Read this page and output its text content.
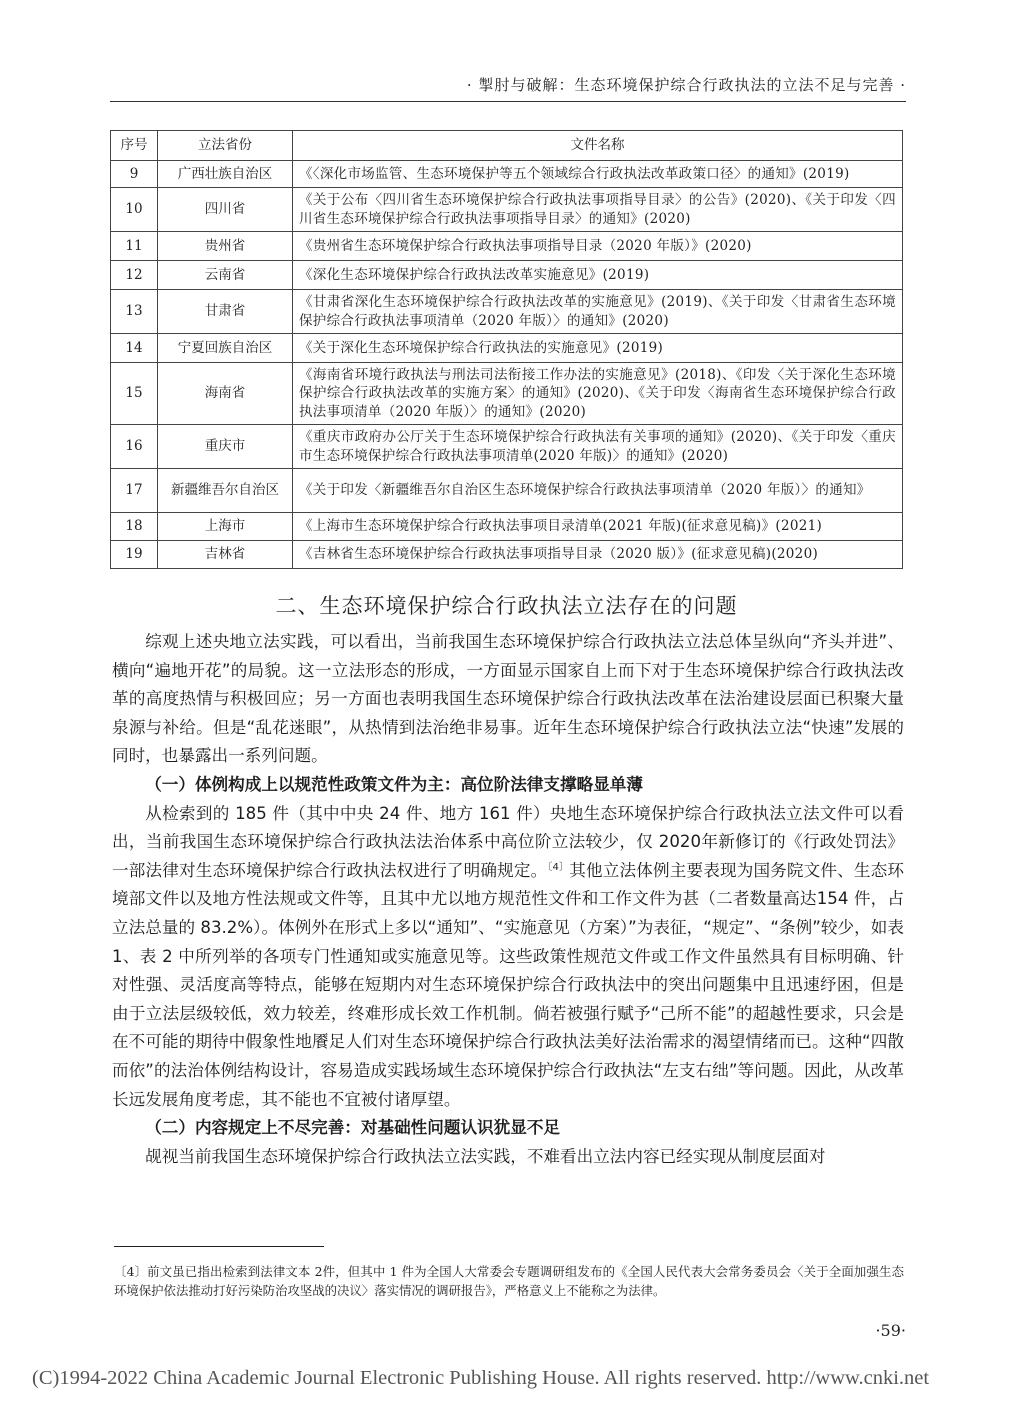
· 掣肘与破解：生态环境保护综合行政执法的立法不足与完善 ·
序号	立法省份	文件名称
9	广西壮族自治区	《〈深化市场监管、生态环境保护等五个领域综合行政执法改革政策口径〉的通知》(2019)
10	四川省	《关于公布〈四川省生态环境保护综合行政执法事项指导目录〉的公告》(2020)、《关于印发〈四川省生态环境保护综合行政执法事项指导目录〉的通知》(2020)
11	贵州省	《贵州省生态环境保护综合行政执法事项指导目录（2020 年版）》(2020)
12	云南省	《深化生态环境保护综合行政执法改革实施意见》(2019)
13	甘肃省	《甘肃省深化生态环境保护综合行政执法改革的实施意见》(2019)、《关于印发〈甘肃省生态环境保护综合行政执法事项清单（2020 年版）〉的通知》(2020)
14	宁夏回族自治区	《关于深化生态环境保护综合行政执法的实施意见》(2019)
15	海南省	《海南省环境行政执法与刑法司法衔接工作办法的实施意见》(2018)、《印发〈关于深化生态环境保护综合行政执法改革的实施方案〉的通知》(2020)、《关于印发〈海南省生态环境保护综合行政执法事项清单（2020 年版）〉的通知》(2020)
16	重庆市	《重庆市政府办公厅关于生态环境保护综合行政执法有关事项的通知》(2020)、《关于印发〈重庆市生态环境保护综合行政执法事项清单(2020 年版)〉的通知》(2020)
17	新疆维吾尔自治区	《关于印发〈新疆维吾尔自治区生态环境保护综合行政执法事项清单（2020 年版）〉的通知》
18	上海市	《上海市生态环境保护综合行政执法事项目录清单(2021 年版)(征求意见稿)》(2021)
19	吉林省	《吉林省生态环境保护综合行政执法事项指导目录（2020 版）》(征求意见稿)(2020)
二、生态环境保护综合行政执法立法存在的问题

综观上述央地立法实践，可以看出，当前我国生态环境保护综合行政执法立法总体呈纵向“齐头并进”、横向“遍地开花”的局貌。这一立法形态的形成，一方面显示国家自上而下对于生态环境保护综合行政执法改革的高度热情与积极回应；另一方面也表明我国生态环境保护综合行政执法改革在法治建设层面已积聚大量泉源与补给。但是“乱花迷眼”，从热情到法治绝非易事。近年生态环境保护综合行政执法立法“快速”发展的同时，也暴露出一系列问题。

（一）体例构成上以规范性政策文件为主：高位阶法律支撑略显单薄

从检索到的 185 件（其中中央 24 件、地方 161 件）央地生态环境保护综合行政执法立法文件可以看出，当前我国生态环境保护综合行政执法法治体系中高位阶立法较少，仅 2020年新修订的《行政处罚法》一部法律对生态环境保护综合行政执法权进行了明确规定。$^{〔4〕}$其他立法体例主要表现为国务院文件、生态环境部文件以及地方性法规或文件等，且其中尤以地方规范性文件和工作文件为甚（二者数量高达154 件，占立法总量的 83.2%）。体例外在形式上多以“通知”、“实施意见（方案）”为表征，“规定”、“条例”较少，如表 1、表 2 中所列举的各项专门性通知或实施意见等。这些政策性规范文件或工作文件虽然具有目标明确、针对性强、灵活度高等特点，能够在短期内对生态环境保护综合行政执法中的突出问题集中且迅速纾困，但是由于立法层级较低，效力较差，终难形成长效工作机制。倘若被强行赋予“己所不能”的超越性要求，只会是在不可能的期待中假象性地餍足人们对生态环境保护综合行政执法美好法治需求的渴望情绪而已。这种“四散而依”的法治体例结构设计，容易造成实践场域生态环境保护综合行政执法“左支右绌”等问题。因此，从改革长远发展角度考虑，其不能也不宜被付诸厚望。

（二）内容规定上不尽完善：对基础性问题认识犹显不足

觇视当前我国生态环境保护综合行政执法立法实践，不难看出立法内容已经实现从制度层面对

〔4〕前文虽已指出检索到法律文本 2件，但其中 1 件为全国人大常委会专题调研组发布的《全国人民代表大会常务委员会〈关于全面加强生态环境保护依法推动打好污染防治攻坚战的决议〉落实情况的调研报告》，严格意义上不能称之为法律。
·59·
(C)1994-2022 China Academic Journal Electronic Publishing House. All rights reserved. http://www.cnki.net
